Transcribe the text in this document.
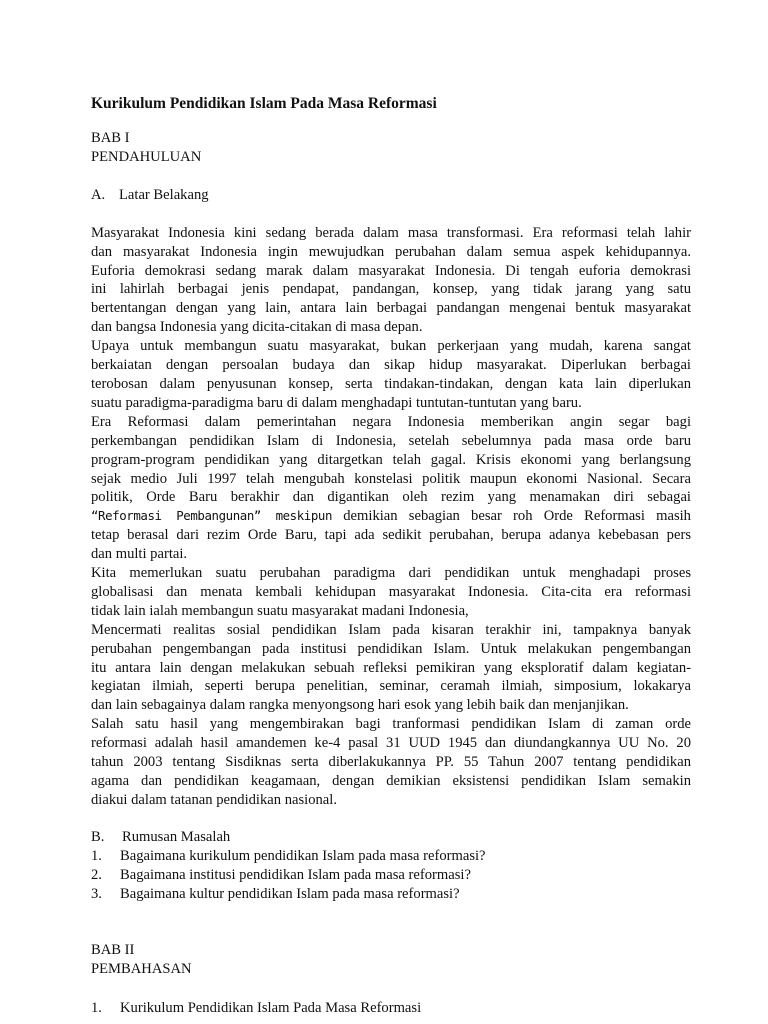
Kurikulum Pendidikan Islam Pada Masa Reformasi
BAB I
PENDAHULUAN
A. Latar Belakang
Masyarakat Indonesia kini sedang berada dalam masa transformasi. Era reformasi telah lahir
dan masyarakat Indonesia ingin mewujudkan perubahan dalam semua aspek kehidupannya.
Euforia demokrasi sedang marak dalam masyarakat Indonesia. Di tengah euforia demokrasi
ini lahirlah berbagai jenis pendapat, pandangan, konsep, yang tidak jarang yang satu
bertentangan dengan yang lain, antara lain berbagai pandangan mengenai bentuk masyarakat
dan bangsa Indonesia yang dicita-citakan di masa depan.
Upaya untuk membangun suatu masyarakat, bukan perkerjaan yang mudah, karena sangat
berkaiatan dengan persoalan budaya dan sikap hidup masyarakat. Diperlukan berbagai
terobosan dalam penyusunan konsep, serta tindakan-tindakan, dengan kata lain diperlukan
suatu paradigma-paradigma baru di dalam menghadapi tuntutan-tuntutan yang baru.
Era Reformasi dalam pemerintahan negara Indonesia memberikan angin segar bagi
perkembangan pendidikan Islam di Indonesia, setelah sebelumnya pada masa orde baru
program-program pendidikan yang ditargetkan telah gagal. Krisis ekonomi yang berlangsung
sejak medio Juli 1997 telah mengubah konstelasi politik maupun ekonomi Nasional. Secara
politik, Orde Baru berakhir dan digantikan oleh rezim yang menamakan diri sebagai
“Reformasi Pembangunan” meskipun demikian sebagian besar roh Orde Reformasi masih
tetap berasal dari rezim Orde Baru, tapi ada sedikit perubahan, berupa adanya kebebasan pers
dan multi partai.
Kita memerlukan suatu perubahan paradigma dari pendidikan untuk menghadapi proses
globalisasi dan menata kembali kehidupan masyarakat Indonesia. Cita-cita era reformasi
tidak lain ialah membangun suatu masyarakat madani Indonesia,
Mencermati realitas sosial pendidikan Islam pada kisaran terakhir ini, tampaknya banyak
perubahan pengembangan pada institusi pendidikan Islam. Untuk melakukan pengembangan
itu antara lain dengan melakukan sebuah refleksi pemikiran yang eksploratif dalam kegiatan-
kegiatan ilmiah, seperti berupa penelitian, seminar, ceramah ilmiah, simposium, lokakarya
dan lain sebagainya dalam rangka menyongsong hari esok yang lebih baik dan menjanjikan.
Salah satu hasil yang mengembirakan bagi tranformasi pendidikan Islam di zaman orde
reformasi adalah hasil amandemen ke-4 pasal 31 UUD 1945 dan diundangkannya UU No. 20
tahun 2003 tentang Sisdiknas serta diberlakukannya PP. 55 Tahun 2007 tentang pendidikan
agama dan pendidikan keagamaan, dengan demikian eksistensi pendidikan Islam semakin
diakui dalam tatanan pendidikan nasional.
B.	Rumusan Masalah
1.	Bagaimana kurikulum pendidikan Islam pada masa reformasi?
2.	Bagaimana institusi pendidikan Islam pada masa reformasi?
3.	Bagaimana kultur pendidikan Islam pada masa reformasi?
BAB II
PEMBAHASAN
1.	Kurikulum Pendidikan Islam Pada Masa Reformasi
